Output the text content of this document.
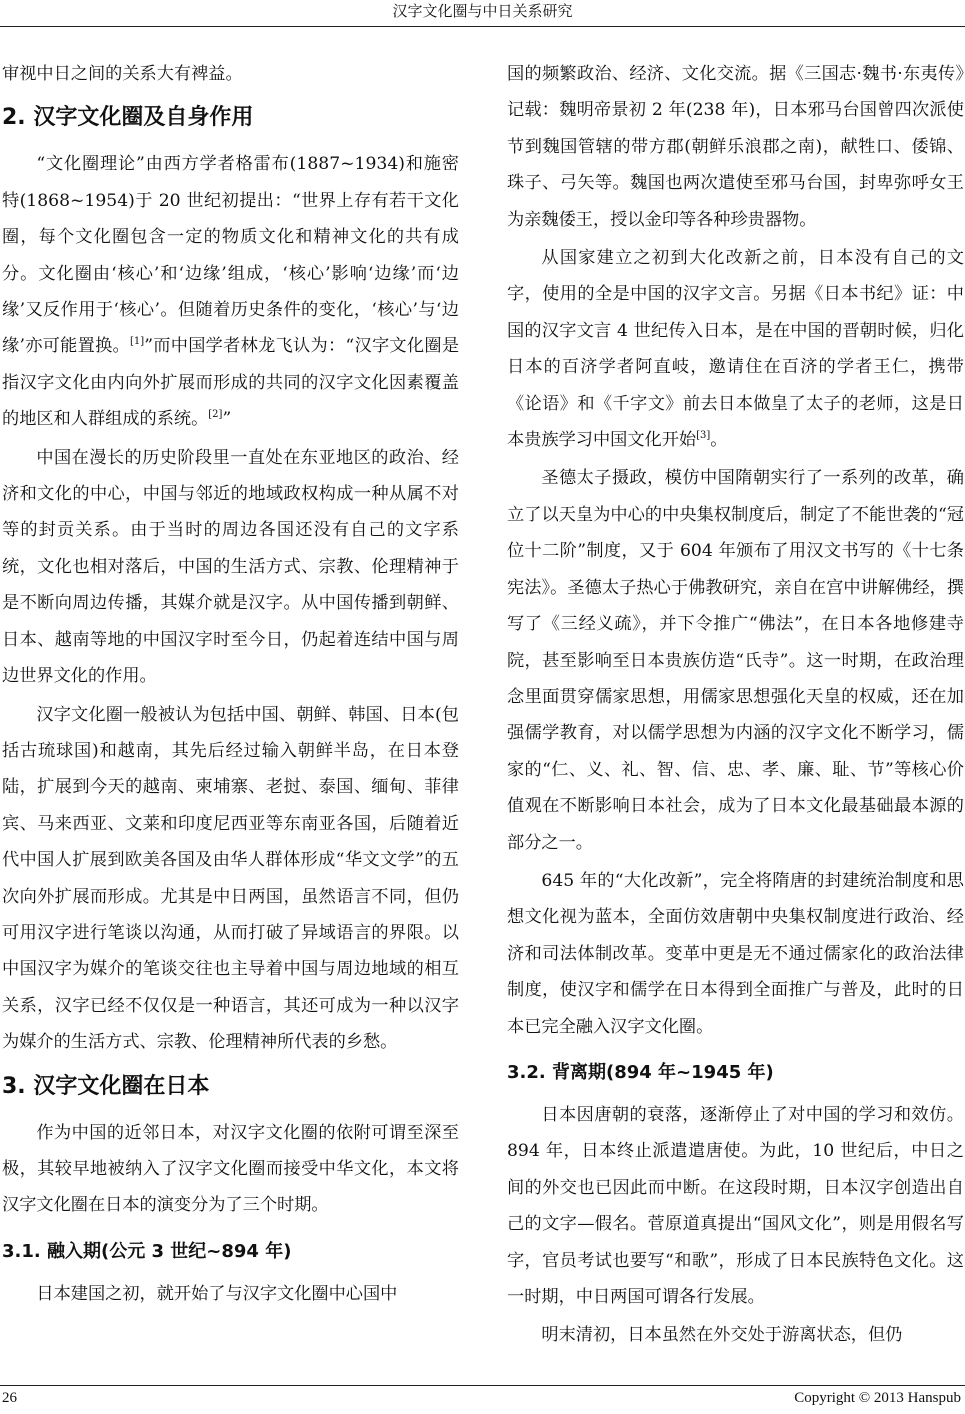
汉字文化圈与中日关系研究

审视中日之间的关系大有裨益。

2. 汉字文化圈及自身作用

“文化圈理论”由西方学者格雷布(1887~1934)和施密特(1868~1954)于 20 世纪初提出：“世界上存有若干文化圈，每个文化圈包含一定的物质文化和精神文化的共有成分。文化圈由‘核心’和‘边缘’组成，‘核心’影响‘边缘’而‘边缘’又反作用于‘核心’。但随着历史条件的变化，‘核心’与‘边缘’亦可能置换。[1]”而中国学者林龙飞认为：“汉字文化圈是指汉字文化由内向外扩展而形成的共同的汉字文化因素覆盖的地区和人群组成的系统。[2]”

中国在漫长的历史阶段里一直处在东亚地区的政治、经济和文化的中心，中国与邻近的地域政权构成一种从属不对等的封贡关系。由于当时的周边各国还没有自己的文字系统，文化也相对落后，中国的生活方式、宗教、伦理精神于是不断向周边传播，其媒介就是汉字。从中国传播到朝鲜、日本、越南等地的中国汉字时至今日，仍起着连结中国与周边世界文化的作用。

汉字文化圈一般被认为包括中国、朝鲜、韩国、日本(包括古琉球国)和越南，其先后经过输入朝鲜半岛，在日本登陆，扩展到今天的越南、柬埔寨、老挝、泰国、缅甸、菲律宾、马来西亚、文莱和印度尼西亚等东南亚各国，后随着近代中国人扩展到欧美各国及由华人群体形成“华文文学”的五次向外扩展而形成。尤其是中日两国，虽然语言不同，但仍可用汉字进行笔谈以沟通，从而打破了异域语言的界限。以中国汉字为媒介的笔谈交往也主导着中国与周边地域的相互关系，汉字已经不仅仅是一种语言，其还可成为一种以汉字为媒介的生活方式、宗教、伦理精神所代表的乡愁。

3. 汉字文化圈在日本

作为中国的近邻日本，对汉字文化圈的依附可谓至深至极，其较早地被纳入了汉字文化圈而接受中华文化，本文将汉字文化圈在日本的演变分为了三个时期。

3.1. 融入期(公元 3 世纪~894 年)

日本建国之初，就开始了与汉字文化圈中心国中

国的频繁政治、经济、文化交流。据《三国志·魏书·东夷传》记载：魏明帝景初 2 年(238 年)，日本邪马台国曾四次派使节到魏国管辖的带方郡(朝鲜乐浪郡之南)，献牲口、倭锦、珠子、弓矢等。魏国也两次遣使至邪马台国，封卑弥呼女王为亲魏倭王，授以金印等各种珍贵器物。

从国家建立之初到大化改新之前，日本没有自己的文字，使用的全是中国的汉字文言。另据《日本书纪》证：中国的汉字文言 4 世纪传入日本，是在中国的晋朝时候，归化日本的百济学者阿直岐，邀请住在百济的学者王仁，携带《论语》和《千字文》前去日本做皇了太子的老师，这是日本贵族学习中国文化开始[3]。

圣德太子摄政，模仿中国隋朝实行了一系列的改革，确立了以天皇为中心的中央集权制度后，制定了不能世袭的“冠位十二阶”制度，又于 604 年颁布了用汉文书写的《十七条宪法》。圣德太子热心于佛教研究，亲自在宫中讲解佛经，撰写了《三经义疏》，并下令推广“佛法”，在日本各地修建寺院，甚至影响至日本贵族仿造“氏寺”。这一时期，在政治理念里面贯穿儒家思想，用儒家思想强化天皇的权威，还在加强儒学教育，对以儒学思想为内涵的汉字文化不断学习，儒家的“仁、义、礼、智、信、忠、孝、廉、耻、节”等核心价值观在不断影响日本社会，成为了日本文化最基础最本源的部分之一。

645 年的“大化改新”，完全将隋唐的封建统治制度和思想文化视为蓝本，全面仿效唐朝中央集权制度进行政治、经济和司法体制改革。变革中更是无不通过儒家化的政治法律制度，使汉字和儒学在日本得到全面推广与普及，此时的日本已完全融入汉字文化圈。

3.2. 背离期(894 年~1945 年)

日本因唐朝的衰落，逐渐停止了对中国的学习和效仿。894 年，日本终止派遣遣唐使。为此，10 世纪后，中日之间的外交也已因此而中断。在这段时期，日本汉字创造出自己的文字—假名。菅原道真提出“国风文化”，则是用假名写字，官员考试也要写“和歌”，形成了日本民族特色文化。这一时期，中日两国可谓各行发展。

明末清初，日本虽然在外交处于游离状态，但仍

26	Copyright © 2013 Hanspub
